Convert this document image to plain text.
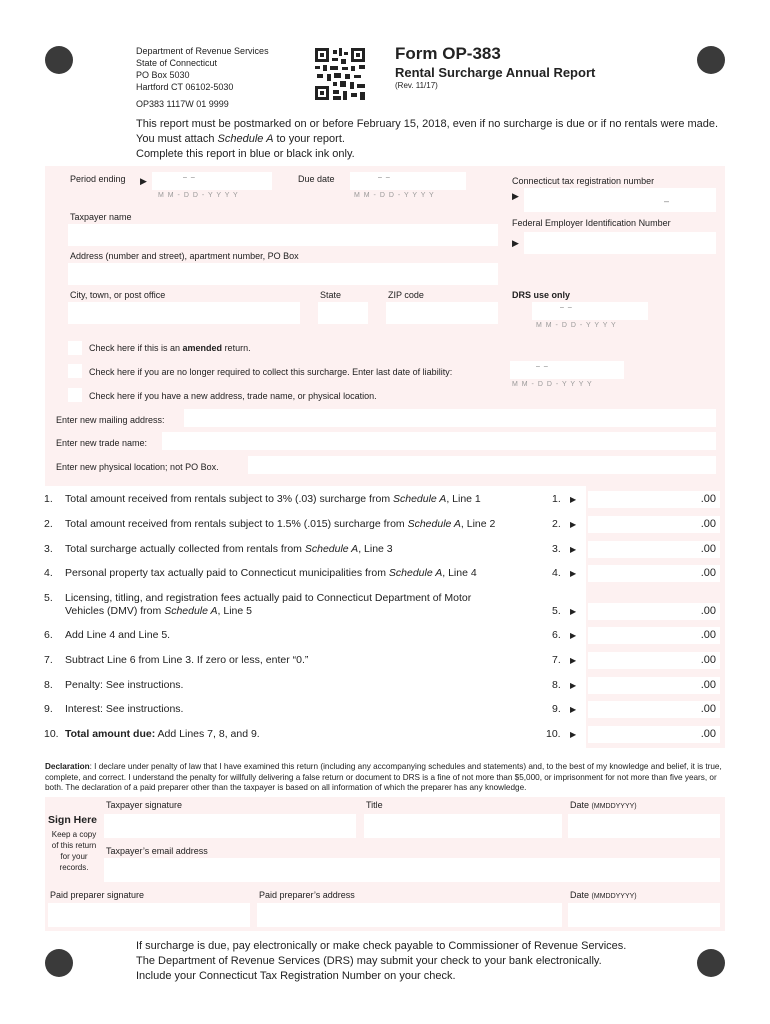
Department of Revenue Services
State of Connecticut
PO Box 5030
Hartford CT 06102-5030
OP383 1117W 01 9999
Form OP-383
Rental Surcharge Annual Report
(Rev. 11/17)
This report must be postmarked on or before February 15, 2018, even if no surcharge is due or if no rentals were made.
You must attach Schedule A to your report.
Complete this report in blue or black ink only.
Period ending ▶	– –
M M - D D - Y Y Y Y
Due date	– –
M M - D D - Y Y Y Y
Connecticut tax registration number
▶	–
Taxpayer name
Federal Employer Identification Number
▶
Address (number and street), apartment number, PO Box
City, town, or post office	State	ZIP code	DRS use only
– –
M M - D D - Y Y Y Y
Check here if this is an amended return.
Check here if you are no longer required to collect this surcharge. Enter last date of liability:
– –
M M - D D - Y Y Y Y
Check here if you have a new address, trade name, or physical location.
Enter new mailing address:
Enter new trade name:
Enter new physical location; not PO Box.
1. Total amount received from rentals subject to 3% (.03) surcharge from Schedule A, Line 1	1. ▶	.00
2. Total amount received from rentals subject to 1.5% (.015) surcharge from Schedule A, Line 2	2. ▶	.00
3. Total surcharge actually collected from rentals from Schedule A, Line 3	3. ▶	.00
4. Personal property tax actually paid to Connecticut municipalities from Schedule A, Line 4	4. ▶	.00
5. Licensing, titling, and registration fees actually paid to Connecticut Department of Motor
Vehicles (DMV) from Schedule A, Line 5	5. ▶	.00
6. Add Line 4 and Line 5.	6. ▶	.00
7. Subtract Line 6 from Line 3. If zero or less, enter “0.”	7. ▶	.00
8. Penalty: See instructions.	8. ▶	.00
9. Interest: See instructions.	9. ▶	.00
10. Total amount due: Add Lines 7, 8, and 9.	10. ▶	.00
Declaration: I declare under penalty of law that I have examined this return (including any accompanying schedules and statements) and, to the best of my knowledge and belief, it is true, complete, and correct. I understand the penalty for willfully delivering a false return or document to DRS is a fine of not more than $5,000, or imprisonment for not more than five years, or both. The declaration of a paid preparer other than the taxpayer is based on all information of which the preparer has any knowledge.
Taxpayer signature	Title	Date (MMDDYYYY)
Sign Here
Keep a copy
of this return
for your
records.
Taxpayer’s email address
Paid preparer signature	Paid preparer’s address	Date (MMDDYYYY)
If surcharge is due, pay electronically or make check payable to Commissioner of Revenue Services.
The Department of Revenue Services (DRS) may submit your check to your bank electronically.
Include your Connecticut Tax Registration Number on your check.
